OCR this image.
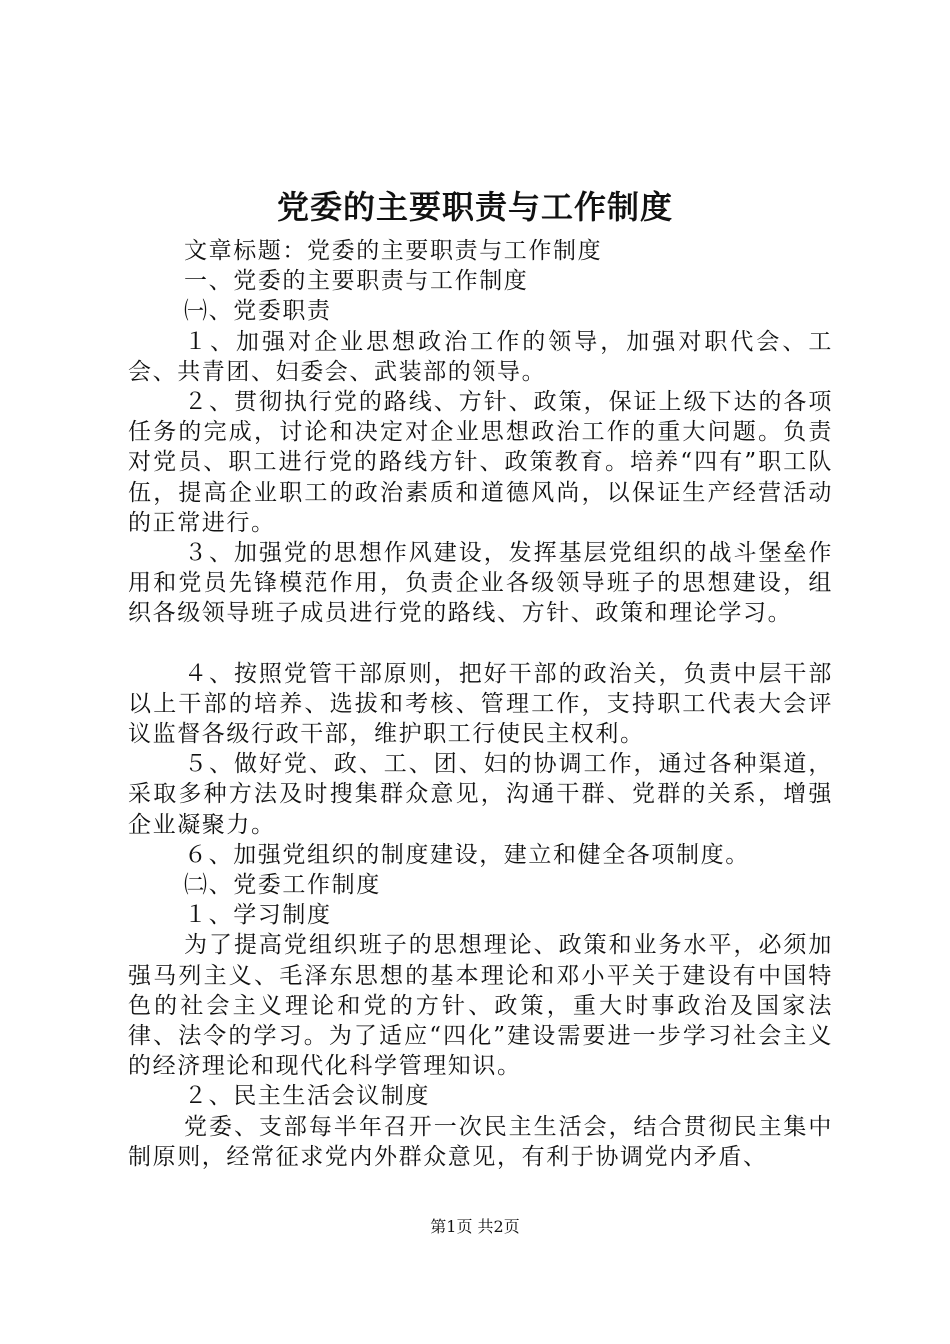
党委的主要职责与工作制度

文章标题：党委的主要职责与工作制度

一、党委的主要职责与工作制度

㈠、党委职责

１、加强对企业思想政治工作的领导，加强对职代会、工会、共青团、妇委会、武装部的领导。

２、贯彻执行党的路线、方针、政策，保证上级下达的各项任务的完成，讨论和决定对企业思想政治工作的重大问题。负责对党员、职工进行党的路线方针、政策教育。培养“四有”职工队伍，提高企业职工的政治素质和道德风尚，以保证生产经营活动的正常进行。

３、加强党的思想作风建设，发挥基层党组织的战斗堡垒作用和党员先锋模范作用，负责企业各级领导班子的思想建设，组织各级领导班子成员进行党的路线、方针、政策和理论学习。

４、按照党管干部原则，把好干部的政治关，负责中层干部以上干部的培养、选拔和考核、管理工作，支持职工代表大会评议监督各级行政干部，维护职工行使民主权利。

５、做好党、政、工、团、妇的协调工作，通过各种渠道，采取多种方法及时搜集群众意见，沟通干群、党群的关系，增强企业凝聚力。

６、加强党组织的制度建设，建立和健全各项制度。

㈡、党委工作制度

１、学习制度

为了提高党组织班子的思想理论、政策和业务水平，必须加强马列主义、毛泽东思想的基本理论和邓小平关于建设有中国特色的社会主义理论和党的方针、政策，重大时事政治及国家法律、法令的学习。为了适应“四化”建设需要进一步学习社会主义的经济理论和现代化科学管理知识。

２、民主生活会议制度

党委、支部每半年召开一次民主生活会，结合贯彻民主集中制原则，经常征求党内外群众意见，有利于协调党内矛盾、

第1页 共2页
